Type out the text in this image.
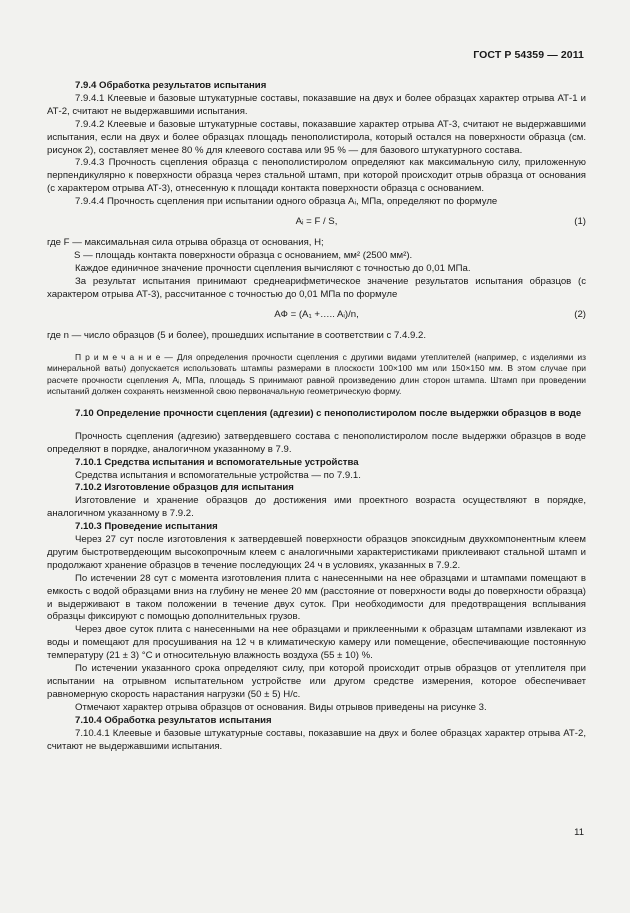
ГОСТ Р 54359 — 2011

7.9.4 Обработка результатов испытания

7.9.4.1 Клеевые и базовые штукатурные составы, показавшие на двух и более образцах характер отрыва АТ-1 и АТ-2, считают не выдержавшими испытания.

7.9.4.2 Клеевые и базовые штукатурные составы, показавшие характер отрыва АТ-3, считают не выдержавшими испытания, если на двух и более образцах площадь пенополистирола, который остался на поверхности образца (см. рисунок 2), составляет менее 80 % для клеевого состава или 95 % — для базового штукатурного состава.

7.9.4.3 Прочность сцепления образца с пенополистиролом определяют как максимальную силу, приложенную перпендикулярно к поверхности образца через стальной штамп, при которой происходит отрыв образца от основания (с характером отрыва АТ-3), отнесенную к площади контакта поверхности образца с основанием.

7.9.4.4 Прочность сцепления при испытании одного образца Аᵢ, МПа, определяют по формуле

Aᵢ = F / S,	(1)

где F — максимальная сила отрыва образца от основания, Н;

S — площадь контакта поверхности образца с основанием, мм² (2500 мм²).

Каждое единичное значение прочности сцепления вычисляют с точностью до 0,01 МПа.

За результат испытания принимают среднеарифметическое значение результатов испытания образцов (с характером отрыва АТ-3), рассчитанное с точностью до 0,01 МПа по формуле

AФ = (A₁ +….. Aᵢ)/n,	(2)

где n — число образцов (5 и более), прошедших испытание в соответствии с 7.4.9.2.

П р и м е ч а н и е — Для определения прочности сцепления с другими видами утеплителей (например, с изделиями из минеральной ваты) допускается использовать штампы размерами в плоскости 100×100 мм или 150×150 мм. В этом случае при расчете прочности сцепления Аᵢ, МПа, площадь S принимают равной произведению длин сторон штампа. Штамп при проведении испытаний должен сохранять неизменной свою первоначальную геометрическую форму.

7.10 Определение прочности сцепления (адгезии) с пенополистиролом после выдержки образцов в воде

Прочность сцепления (адгезию) затвердевшего состава с пенополистиролом после выдержки образцов в воде определяют в порядке, аналогичном указанному в 7.9.

7.10.1 Средства испытания и вспомогательные устройства

Средства испытания и вспомогательные устройства — по 7.9.1.

7.10.2 Изготовление образцов для испытания

Изготовление и хранение образцов до достижения ими проектного возраста осуществляют в порядке, аналогичном указанному в 7.9.2.

7.10.3 Проведение испытания

Через 27 сут после изготовления к затвердевшей поверхности образцов эпоксидным двухкомпонентным клеем другим быстротвердеющим высокопрочным клеем с аналогичными характеристиками приклеивают стальной штамп и продолжают хранение образцов в течение последующих 24 ч в условиях, указанных в 7.9.2.

По истечении 28 сут с момента изготовления плита с нанесенными на нее образцами и штампами помещают в емкость с водой образцами вниз на глубину не менее 20 мм (расстояние от поверхности воды до поверхности образца) и выдерживают в таком положении в течение двух суток. При необходимости для предотвращения всплывания образцы фиксируют с помощью дополнительных грузов.

Через двое суток плита с нанесенными на нее образцами и приклеенными к образцам штампами извлекают из воды и помещают для просушивания на 12 ч в климатическую камеру или помещение, обеспечивающие постоянную температуру (21 ± 3) °С и относительную влажность воздуха (55 ± 10) %.

По истечении указанного срока определяют силу, при которой происходит отрыв образцов от утеплителя при испытании на отрывном испытательном устройстве или другом средстве измерения, которое обеспечивает равномерную скорость нарастания нагрузки (50 ± 5) Н/с.

Отмечают характер отрыва образцов от основания. Виды отрывов приведены на рисунке 3.

7.10.4 Обработка результатов испытания

7.10.4.1 Клеевые и базовые штукатурные составы, показавшие на двух и более образцах характер отрыва АТ-2, считают не выдержавшими испытания.

11
